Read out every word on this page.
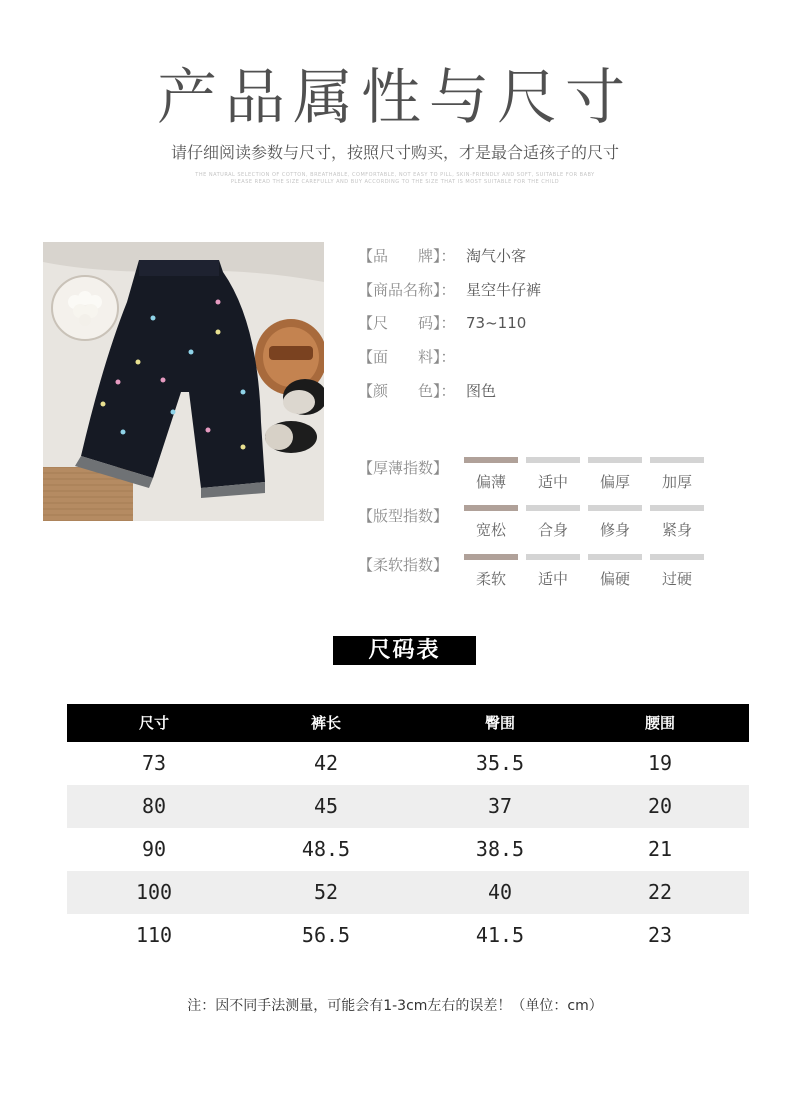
产品属性与尺寸

请仔细阅读参数与尺寸，按照尺寸购买，才是最合适孩子的尺寸

THE NATURAL SELECTION OF COTTON, BREATHABLE, COMFORTABLE, NOT EASY TO PILL, SKIN-FRIENDLY AND SOFT, SUITABLE FOR BABY
PLEASE READ THE SIZE CAREFULLY AND BUY ACCORDING TO THE SIZE THAT IS MOST SUITABLE FOR THE CHILD
【品　　牌】： 淘气小客
【商品名称】： 星空牛仔裤
【尺　　码】： 73~110
【面　　料】：
【颜　　色】： 图色
【厚薄指数】
偏薄	适中	偏厚	加厚
【版型指数】
宽松	合身	修身	紧身
【柔软指数】
柔软	适中	偏硬	过硬
尺码表
尺寸	裤长	臀围	腰围
73	42	35.5	19
80	45	37	20
90	48.5	38.5	21
100	52	40	22
110	56.5	41.5	23

注：因不同手法测量，可能会有1-3cm左右的误差！（单位：cm）
